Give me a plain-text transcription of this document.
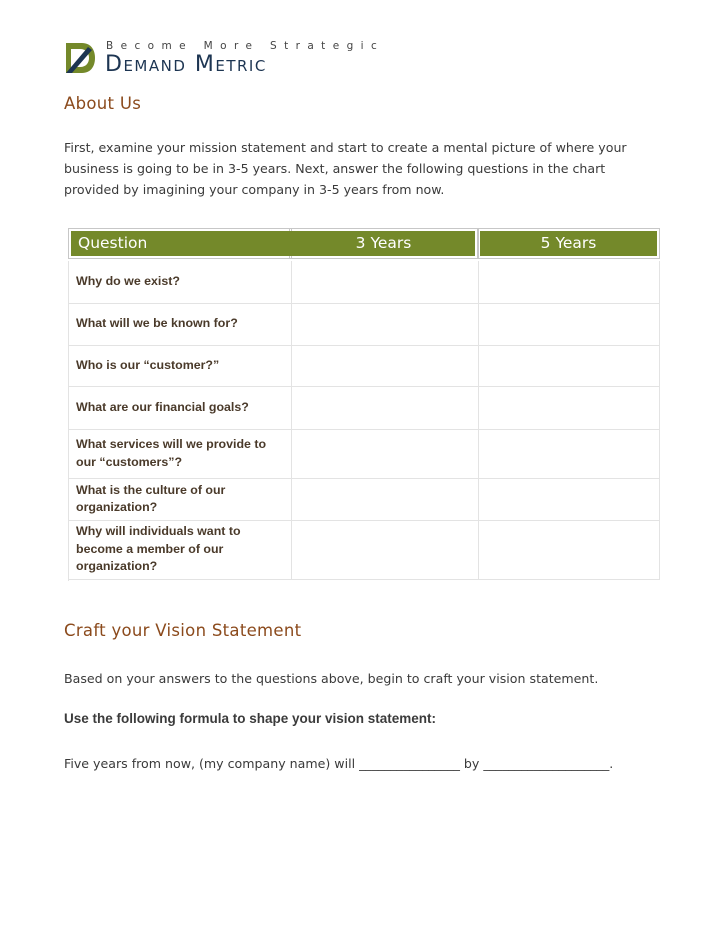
Become More Strategic
Demand Metric
About Us
First, examine your mission statement and start to create a mental picture of where your
business is going to be in 3-5 years. Next, answer the following questions in the chart
provided by imagining your company in 3-5 years from now.
Question	3 Years	5 Years
Why do we exist?
What will we be known for?
Who is our “customer?”
What are our financial goals?
What services will we provide to our “customers”?
What is the culture of our organization?
Why will individuals want to become a member of our organization?
Craft your Vision Statement

Based on your answers to the questions above, begin to craft your vision statement.

Use the following formula to shape your vision statement:

Five years from now, (my company name) will ________________ by ____________________.
